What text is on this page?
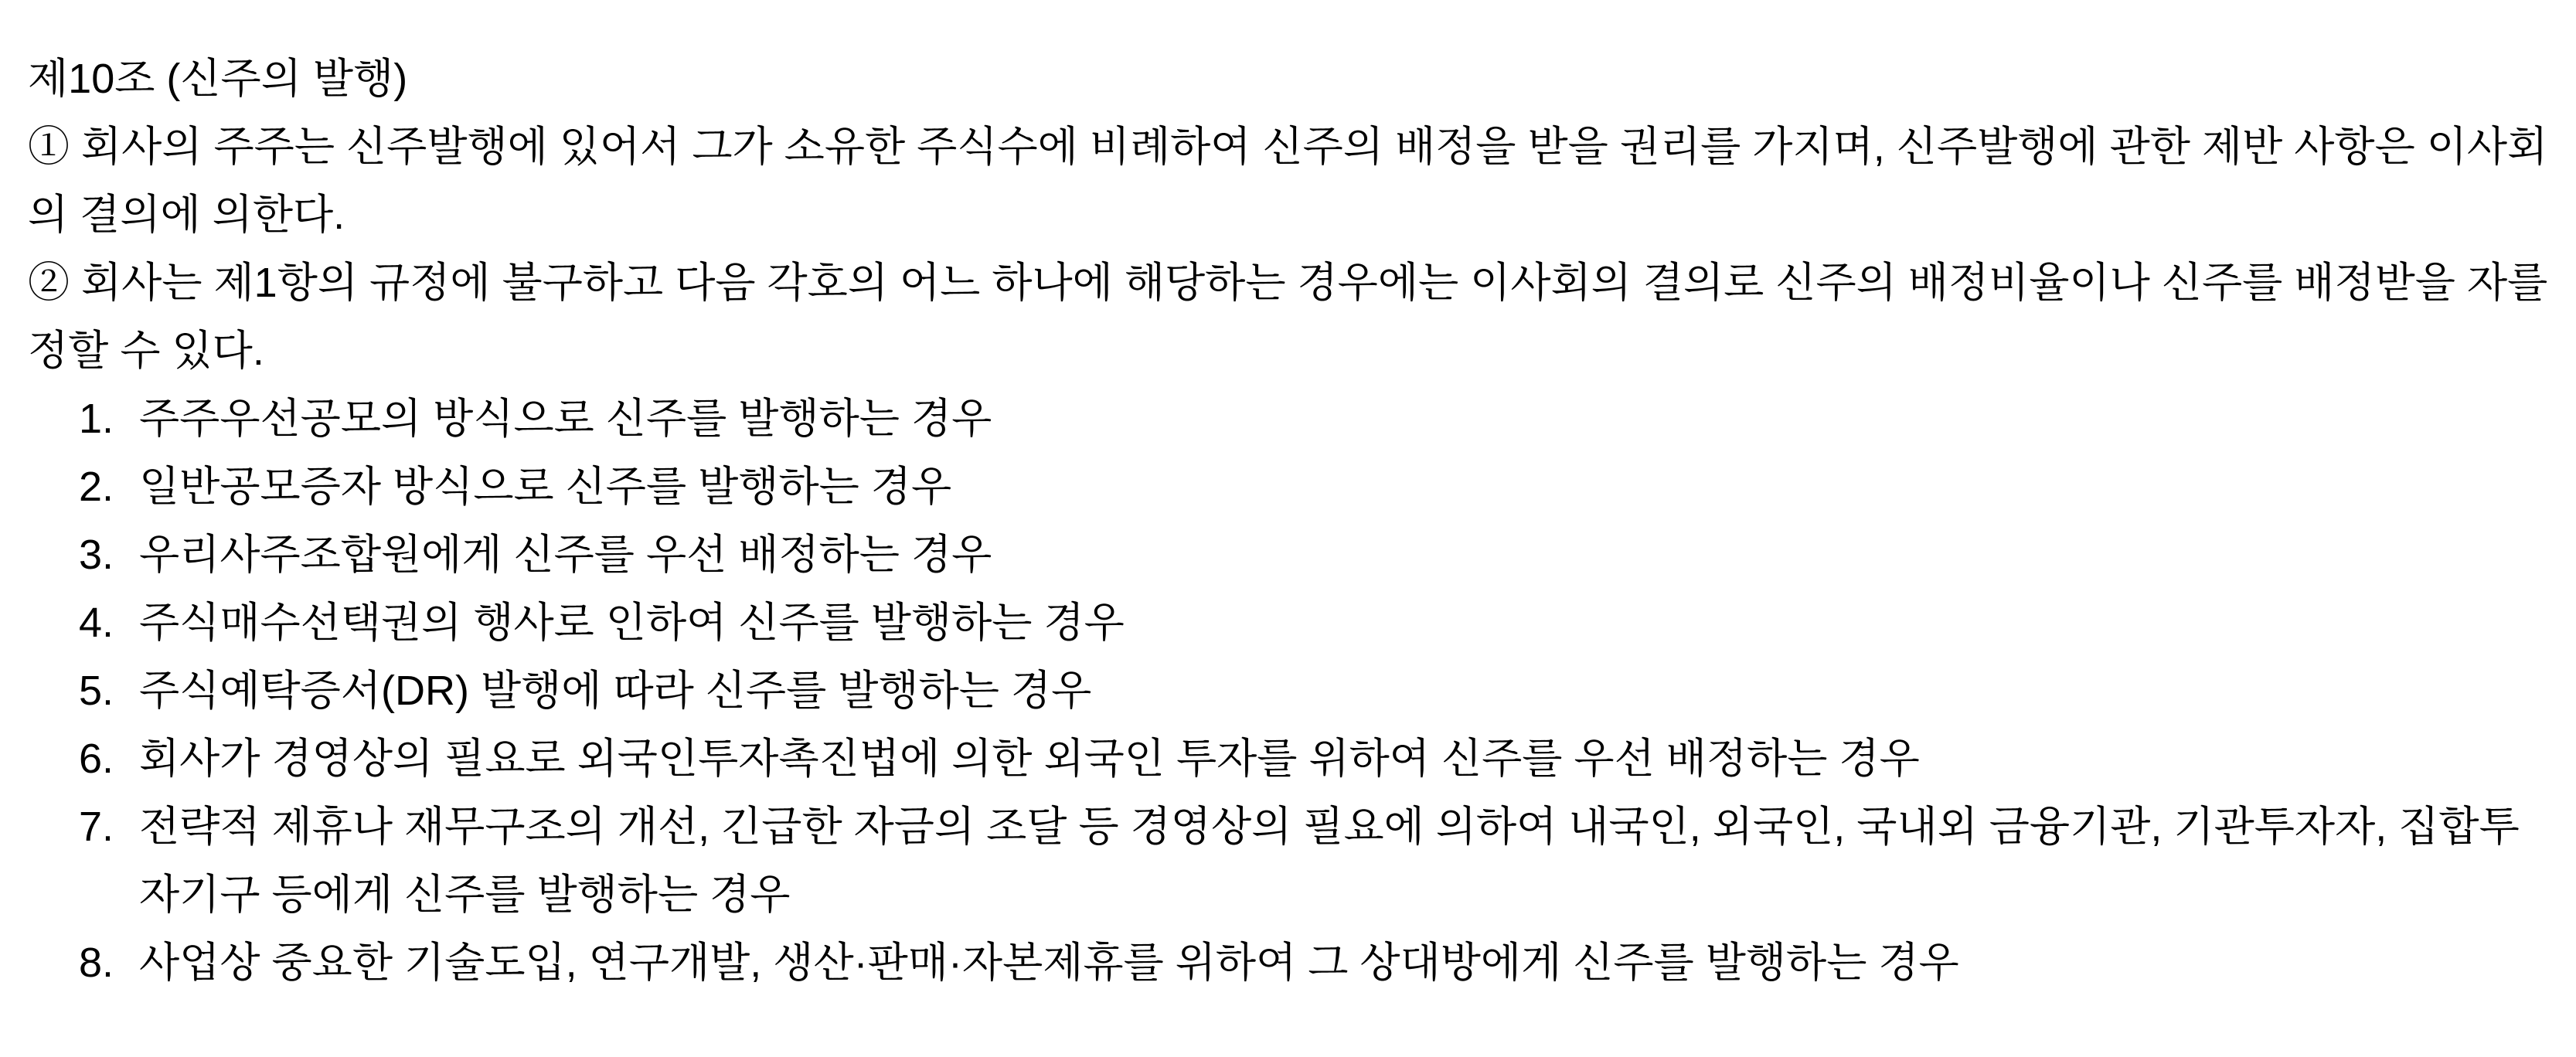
제10조 (신주의 발행)
① 회사의 주주는 신주발행에 있어서 그가 소유한 주식수에 비례하여 신주의 배정을 받을 권리를 가지며, 신주발행에 관한 제반 사항은 이사회의 결의에 의한다.
② 회사는 제1항의 규정에 불구하고 다음 각호의 어느 하나에 해당하는 경우에는 이사회의 결의로 신주의 배정비율이나 신주를 배정받을 자를 정할 수 있다.
1. 주주우선공모의 방식으로 신주를 발행하는 경우
2. 일반공모증자 방식으로 신주를 발행하는 경우
3. 우리사주조합원에게 신주를 우선 배정하는 경우
4. 주식매수선택권의 행사로 인하여 신주를 발행하는 경우
5. 주식예탁증서(DR) 발행에 따라 신주를 발행하는 경우
6. 회사가 경영상의 필요로 외국인투자촉진법에 의한 외국인 투자를 위하여 신주를 우선 배정하는 경우
7. 전략적 제휴나 재무구조의 개선, 긴급한 자금의 조달 등 경영상의 필요에 의하여 내국인, 외국인, 국내외 금융기관, 기관투자자, 집합투자기구 등에게 신주를 발행하는 경우
8. 사업상 중요한 기술도입, 연구개발, 생산·판매·자본제휴를 위하여 그 상대방에게 신주를 발행하는 경우
